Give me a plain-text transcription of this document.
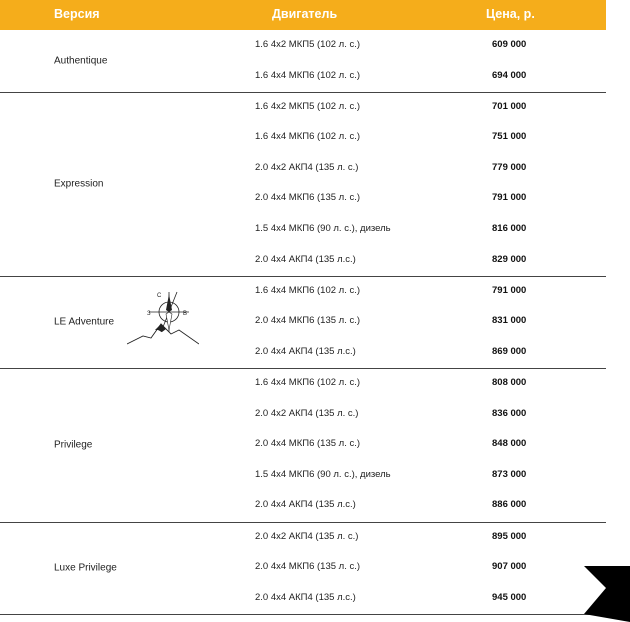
Версия	Двигатель	Цена, р.
Authentique
1.6 4x2 МКП5 (102 л. с.)	609 000
1.6 4x4 МКП6 (102 л. с.)	694 000
Expression
1.6 4x2 МКП5 (102 л. с.)	701 000
1.6 4x4 МКП6 (102 л. с.)	751 000
2.0 4x2 АКП4 (135 л. с.)	779 000
2.0 4x4 МКП6 (135 л. с.)	791 000
1.5 4x4 МКП6 (90 л. с.), дизель	816 000
2.0 4x4 АКП4 (135 л.с.)	829 000
LE Adventure
1.6 4x4 МКП6 (102 л. с.)	791 000
2.0 4x4 МКП6 (135 л. с.)	831 000
2.0 4x4 АКП4 (135 л.с.)	869 000
Privilege
1.6 4x4 МКП6 (102 л. с.)	808 000
2.0 4x2 АКП4 (135 л. с.)	836 000
2.0 4x4 МКП6 (135 л. с.)	848 000
1.5 4x4 МКП6 (90 л. с.), дизель	873 000
2.0 4x4 АКП4 (135 л.с.)	886 000
Luxe Privilege
2.0 4x2 АКП4 (135 л. с.)	895 000
2.0 4x4 МКП6 (135 л. с.)	907 000
2.0 4x4 АКП4 (135 л.с.)	945 000
С
В
З
